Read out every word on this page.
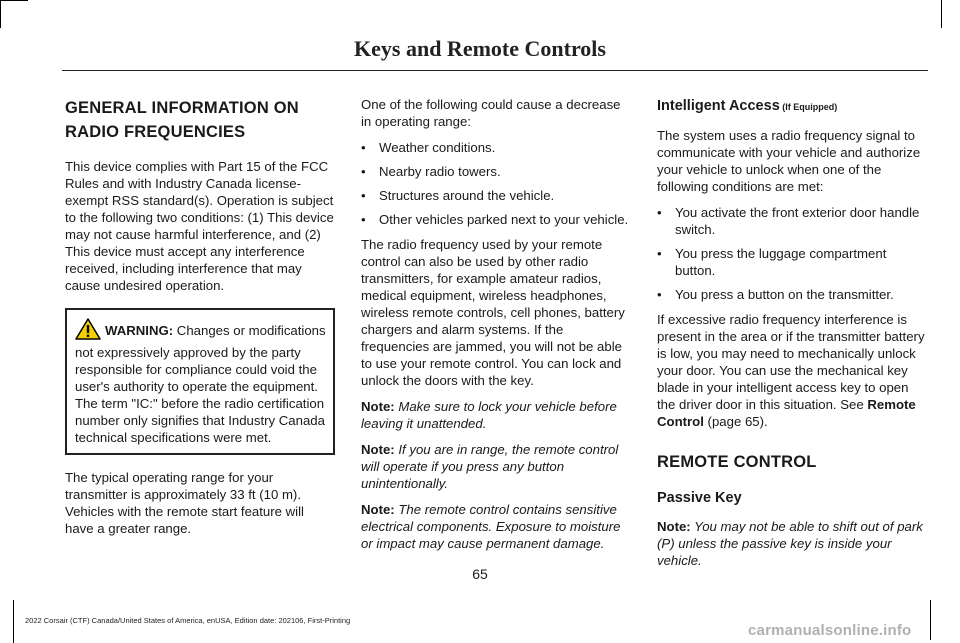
Keys and Remote Controls
GENERAL INFORMATION ON
RADIO FREQUENCIES

This device complies with Part 15 of the FCC Rules and with Industry Canada license-exempt RSS standard(s). Operation is subject to the following two conditions: (1) This device may not cause harmful interference, and (2) This device must accept any interference received, including interference that may cause undesired operation.

WARNING: Changes or modifications not expressively approved by the party responsible for compliance could void the user's authority to operate the equipment. The term "IC:" before the radio certification number only signifies that Industry Canada technical specifications were met.

The typical operating range for your transmitter is approximately 33 ft (10 m). Vehicles with the remote start feature will have a greater range.

One of the following could cause a decrease in operating range:

• Weather conditions.
• Nearby radio towers.
• Structures around the vehicle.
• Other vehicles parked next to your vehicle.

The radio frequency used by your remote control can also be used by other radio transmitters, for example amateur radios, medical equipment, wireless headphones, wireless remote controls, cell phones, battery chargers and alarm systems. If the frequencies are jammed, you will not be able to use your remote control. You can lock and unlock the doors with the key.

Note: Make sure to lock your vehicle before leaving it unattended.

Note: If you are in range, the remote control will operate if you press any button unintentionally.

Note: The remote control contains sensitive electrical components. Exposure to moisture or impact may cause permanent damage.

Intelligent Access (If Equipped)

The system uses a radio frequency signal to communicate with your vehicle and authorize your vehicle to unlock when one of the following conditions are met:

• You activate the front exterior door handle switch.
• You press the luggage compartment button.
• You press a button on the transmitter.

If excessive radio frequency interference is present in the area or if the transmitter battery is low, you may need to mechanically unlock your door. You can use the mechanical key blade in your intelligent access key to open the driver door in this situation. See Remote Control (page 65).

REMOTE CONTROL
Passive Key

Note: You may not be able to shift out of park (P) unless the passive key is inside your vehicle.

65
2022 Corsair (CTF) Canada/United States of America, enUSA, Edition date: 202106, First-Printing
carmanualsonline.info
